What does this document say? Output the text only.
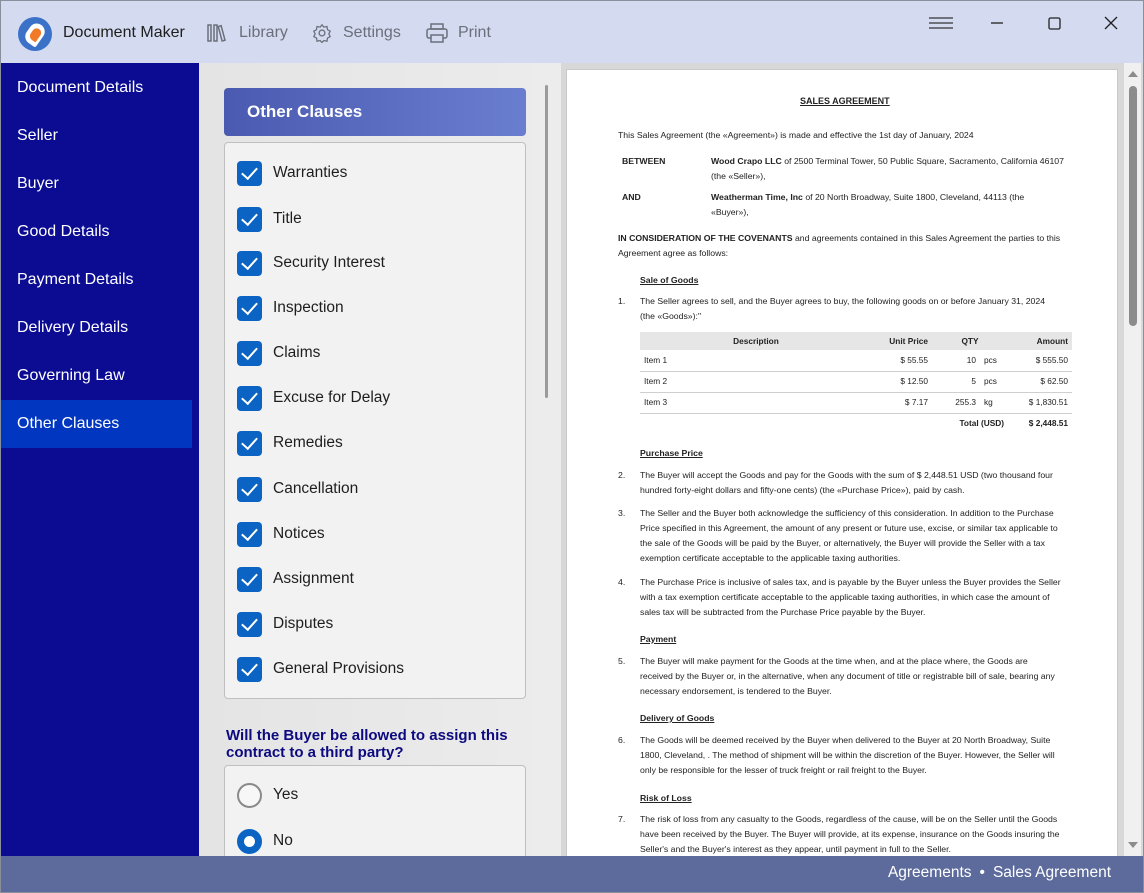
Document Maker	Library	Settings	Print
Document Details
Seller
Buyer
Good Details
Payment Details
Delivery Details
Governing Law
Other Clauses
Other Clauses
Warranties
Title
Security Interest
Inspection
Claims
Excuse for Delay
Remedies
Cancellation
Notices
Assignment
Disputes
General Provisions
Will the Buyer be allowed to assign this contract to a third party?
Yes
No
SALES AGREEMENT
This Sales Agreement (the «Agreement») is made and effective the 1st day of January, 2024
BETWEEN	Wood Crapo LLC of 2500 Terminal Tower, 50 Public Square, Sacramento, California 46107
(the «Seller»),
AND	Weatherman Time, Inc of 20 North Broadway, Suite 1800, Cleveland, 44113 (the
«Buyer»),
IN CONSIDERATION OF THE COVENANTS and agreements contained in this Sales Agreement the parties to this
Agreement agree as follows:
Sale of Goods
1. The Seller agrees to sell, and the Buyer agrees to buy, the following goods on or before January 31, 2024
(the «Goods»):"
Description	Unit Price	QTY		Amount
Item 1	$ 55.55	10	pcs	$ 555.50
Item 2	$ 12.50	5	pcs	$ 62.50
Item 3	$ 7.17	255.3	kg	$ 1,830.51
	Total (USD)			$ 2,448.51
Purchase Price
2. The Buyer will accept the Goods and pay for the Goods with the sum of $ 2,448.51 USD (two thousand four
hundred forty-eight dollars and fifty-one cents) (the «Purchase Price»), paid by cash.
3. The Seller and the Buyer both acknowledge the sufficiency of this consideration. In addition to the Purchase
Price specified in this Agreement, the amount of any present or future use, excise, or similar tax applicable to
the sale of the Goods will be paid by the Buyer, or alternatively, the Buyer will provide the Seller with a tax
exemption certificate acceptable to the applicable taxing authorities.
4. The Purchase Price is inclusive of sales tax, and is payable by the Buyer unless the Buyer provides the Seller
with a tax exemption certificate acceptable to the applicable taxing authorities, in which case the amount of
sales tax will be subtracted from the Purchase Price payable by the Buyer.
Payment
5. The Buyer will make payment for the Goods at the time when, and at the place where, the Goods are
received by the Buyer or, in the alternative, when any document of title or registrable bill of sale, bearing any
necessary endorsement, is tendered to the Buyer.
Delivery of Goods
6. The Goods will be deemed received by the Buyer when delivered to the Buyer at 20 North Broadway, Suite
1800, Cleveland, . The method of shipment will be within the discretion of the Buyer. However, the Seller will
only be responsible for the lesser of truck freight or rail freight to the Buyer.
Risk of Loss
7. The risk of loss from any casualty to the Goods, regardless of the cause, will be on the Seller until the Goods
have been received by the Buyer. The Buyer will provide, at its expense, insurance on the Goods insuring the
Seller's and the Buyer's interest as they appear, until payment in full to the Seller.
Agreements • Sales Agreement
